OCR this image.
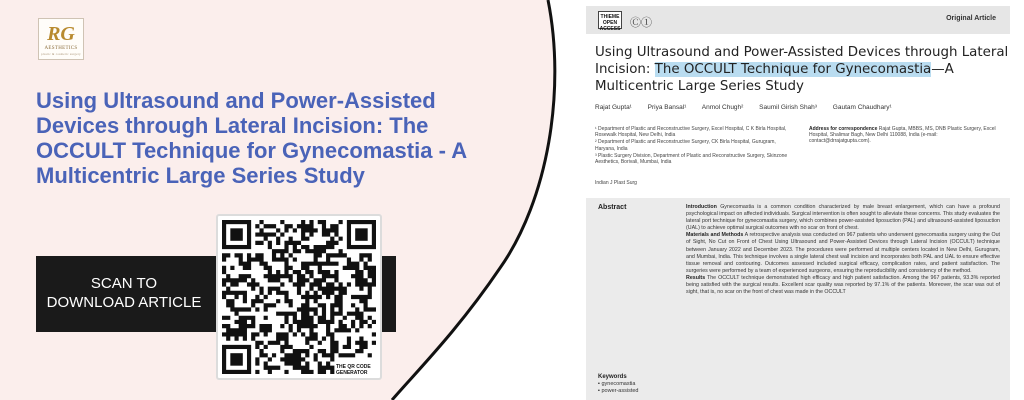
RG
AESTHETICS
plastic & cosmetic surgery
Using Ultrasound and Power-Assisted Devices through Lateral Incision: The OCCULT Technique for Gynecomastia - A Multicentric Large Series Study
SCAN TO
DOWNLOAD ARTICLE
THE QR CODE GENERATOR
THIEME OPEN ACCESS Ⓒ①	Original Article
Using Ultrasound and Power-Assisted Devices through Lateral Incision: The OCCULT Technique for Gynecomastia—A Multicentric Large Series Study
Rajat Gupta¹ Priya Bansal¹ Anmol Chugh² Saumil Girish Shah³ Gautam Chaudhary¹

¹ Department of Plastic and Reconstructive Surgery, Excel Hospital, C K Birla Hospital, Rosewalk Hospital, New Delhi, India

² Department of Plastic and Reconstructive Surgery, CK Birla Hospital, Gurugram, Haryana, India

³ Plastic Surgery Division, Department of Plastic and Reconstructive Surgery, Skinzone Aesthetics, Borivali, Mumbai, India

Address for correspondence Rajat Gupta, MBBS, MS, DNB Plastic Surgery, Excel Hospital, Shalimar Bagh, New Delhi 110088, India (e-mail: contact@drrajatgupta.com).
Indian J Plast Surg
Abstract	Introduction Gynecomastia is a common condition characterized by male breast enlargement, which can have a profound psychological impact on affected individuals. Surgical intervention is often sought to alleviate these concerns. This study evaluates the lateral port technique for gynecomastia surgery, which combines power-assisted liposuction (PAL) and ultrasound-assisted liposuction (UAL) to achieve optimal surgical outcomes with no scar on front of chest.

Materials and Methods A retrospective analysis was conducted on 967 patients who underwent gynecomastia surgery using the Out of Sight, No Cut on Front of Chest Using Ultrasound and Power-Assisted Devices through Lateral Incision (OCCULT) technique between January 2022 and December 2023. The procedures were performed at multiple centers located in New Delhi, Gurugram, and Mumbai, India. This technique involves a single lateral chest wall incision and incorporates both PAL and UAL to ensure effective tissue removal and contouring. Outcomes assessed included surgical efficacy, complication rates, and patient satisfaction. The surgeries were performed by a team of experienced surgeons, ensuring the reproducibility and consistency of the method.

Results The OCCULT technique demonstrated high efficacy and high patient satisfaction. Among the 967 patients, 93.3% reported being satisfied with the surgical results. Excellent scar quality was reported by 97.1% of the patients. Moreover, the scar was out of sight, that is, no scar on the front of chest was made in the OCCULT

Keywords
▪ gynecomastia
▪ power-assisted
